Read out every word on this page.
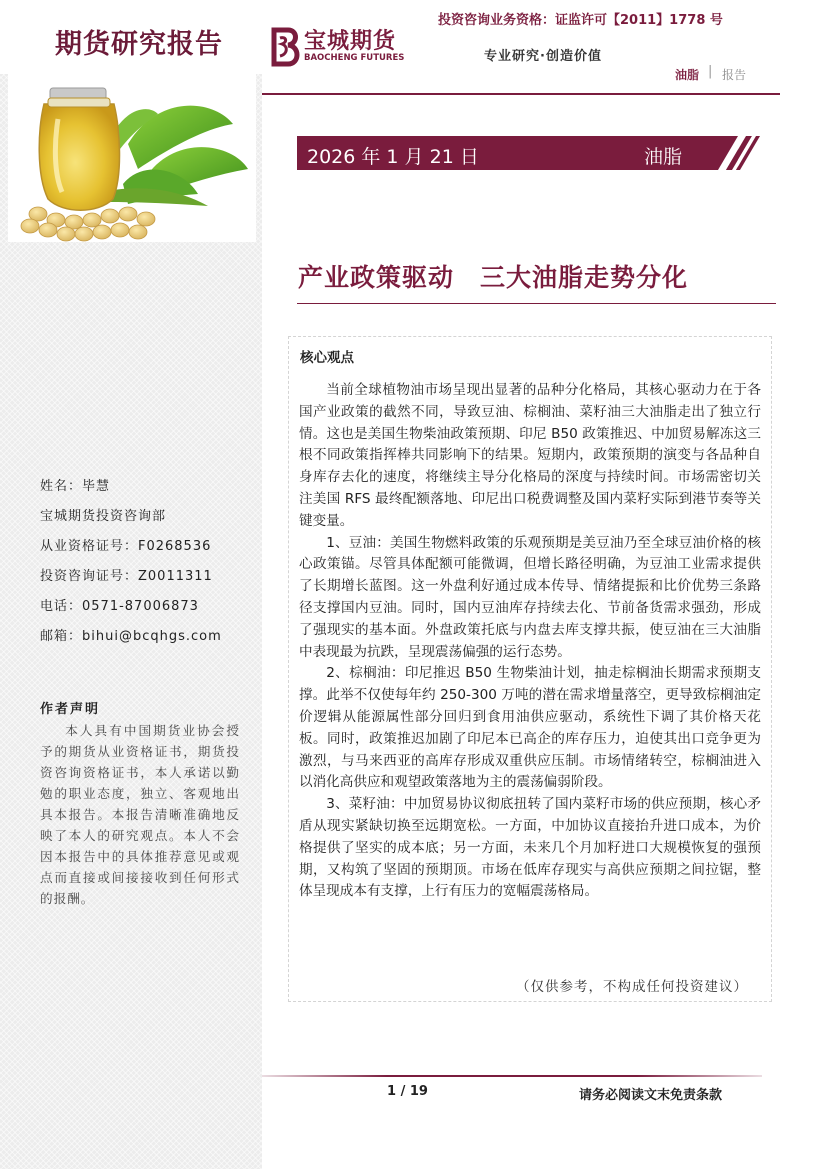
期货研究报告
姓名：毕慧
宝城期货投资咨询部
从业资格证号：F0268536
投资咨询证号：Z0011311
电话：0571-87006873
邮箱：bihui@bcqhgs.com
作者声明
本人具有中国期货业协会授予的期货从业资格证书，期货投资咨询资格证书，本人承诺以勤勉的职业态度，独立、客观地出具本报告。本报告清晰准确地反映了本人的研究观点。本人不会因本报告中的具体推荐意见或观点而直接或间接接收到任何形式的报酬。
投资咨询业务资格：证监许可【2011】1778 号
宝城期货
BAOCHENG FUTURES	专业研究·创造价值
油脂 | 报告
2026 年 1 月 21 日	油脂
产业政策驱动　三大油脂走势分化
核心观点

当前全球植物油市场呈现出显著的品种分化格局，其核心驱动力在于各国产业政策的截然不同，导致豆油、棕榈油、菜籽油三大油脂走出了独立行情。这也是美国生物柴油政策预期、印尼 B50 政策推迟、中加贸易解冻这三根不同政策指挥棒共同影响下的结果。短期内，政策预期的演变与各品种自身库存去化的速度，将继续主导分化格局的深度与持续时间。市场需密切关注美国 RFS 最终配额落地、印尼出口税费调整及国内菜籽实际到港节奏等关键变量。

1、豆油：美国生物燃料政策的乐观预期是美豆油乃至全球豆油价格的核心政策锚。尽管具体配额可能微调，但增长路径明确，为豆油工业需求提供了长期增长蓝图。这一外盘利好通过成本传导、情绪提振和比价优势三条路径支撑国内豆油。同时，国内豆油库存持续去化、节前备货需求强劲，形成了强现实的基本面。外盘政策托底与内盘去库支撑共振，使豆油在三大油脂中表现最为抗跌，呈现震荡偏强的运行态势。

2、棕榈油：印尼推迟 B50 生物柴油计划，抽走棕榈油长期需求预期支撑。此举不仅使每年约 250-300 万吨的潜在需求增量落空，更导致棕榈油定价逻辑从能源属性部分回归到食用油供应驱动，系统性下调了其价格天花板。同时，政策推迟加剧了印尼本已高企的库存压力，迫使其出口竞争更为激烈，与马来西亚的高库存形成双重供应压制。市场情绪转空，棕榈油进入以消化高供应和观望政策落地为主的震荡偏弱阶段。

3、菜籽油：中加贸易协议彻底扭转了国内菜籽市场的供应预期，核心矛盾从现实紧缺切换至远期宽松。一方面，中加协议直接抬升进口成本，为价格提供了坚实的成本底；另一方面，未来几个月加籽进口大规模恢复的强预期，又构筑了坚固的预期顶。市场在低库存现实与高供应预期之间拉锯，整体呈现成本有支撑，上行有压力的宽幅震荡格局。

（仅供参考，不构成任何投资建议）
1 / 19	请务必阅读文末免责条款
